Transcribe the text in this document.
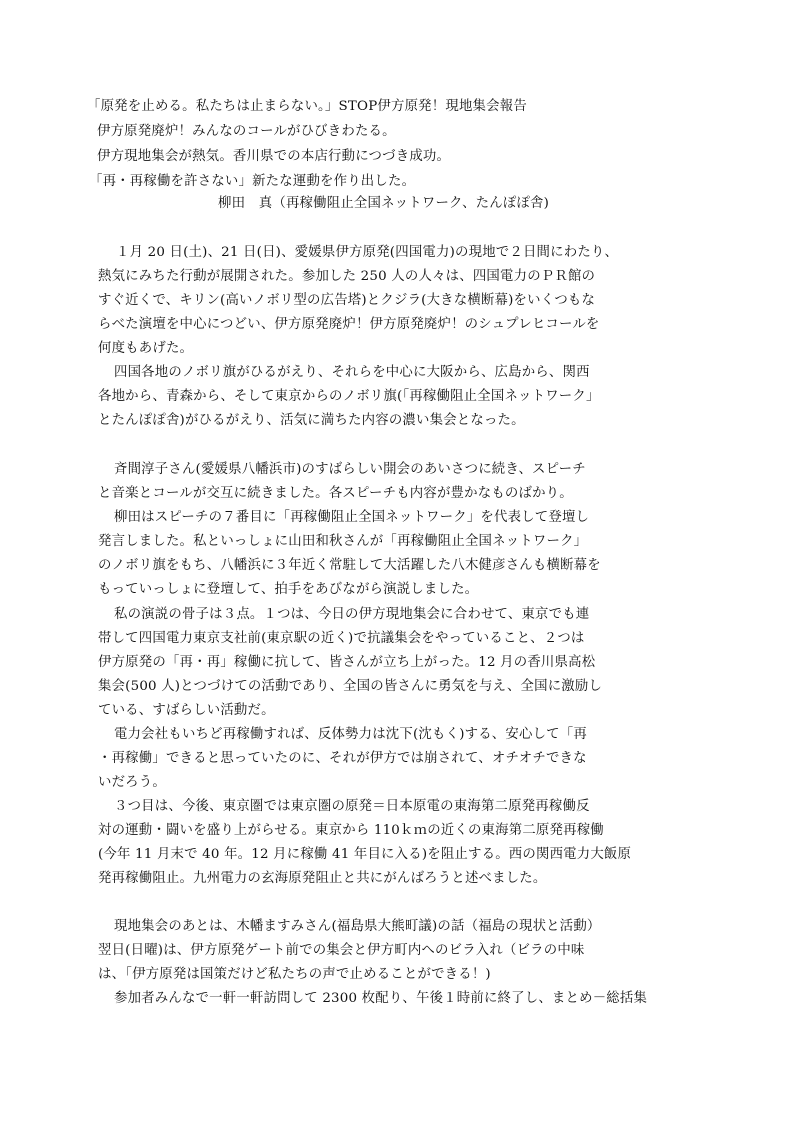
「原発を止める。私たちは止まらない。」STOP伊方原発！現地集会報告

伊方原発廃炉！みんなのコールがひびきわたる。

伊方現地集会が熱気。香川県での本店行動につづき成功。

「再・再稼働を許さない」新たな運動を作り出した。

柳田　真（再稼働阻止全国ネットワーク、たんぽぽ舎)

１月 20 日(土)、21 日(日)、愛媛県伊方原発(四国電力)の現地で２日間にわたり、

熱気にみちた行動が展開された。参加した 250 人の人々は、四国電力のＰＲ館の

すぐ近くで、キリン(高いノボリ型の広告塔)とクジラ(大きな横断幕)をいくつもな

らべた演壇を中心につどい、伊方原発廃炉！伊方原発廃炉！のシュプレヒコールを

何度もあげた。

四国各地のノボリ旗がひるがえり、それらを中心に大阪から、広島から、関西

各地から、青森から、そして東京からのノボリ旗(「再稼働阻止全国ネットワーク」

とたんぽぽ舎)がひるがえり、活気に満ちた内容の濃い集会となった。

斉間淳子さん(愛媛県八幡浜市)のすばらしい開会のあいさつに続き、スピーチ

と音楽とコールが交互に続きました。各スピーチも内容が豊かなものばかり。

柳田はスピーチの７番目に「再稼働阻止全国ネットワーク」を代表して登壇し

発言しました。私といっしょに山田和秋さんが「再稼働阻止全国ネットワーク」

のノボリ旗をもち、八幡浜に３年近く常駐して大活躍した八木健彦さんも横断幕を

もっていっしょに登壇して、拍手をあびながら演説しました。

私の演説の骨子は３点。１つは、今日の伊方現地集会に合わせて、東京でも連

帯して四国電力東京支社前(東京駅の近く)で抗議集会をやっていること、２つは

伊方原発の「再・再」稼働に抗して、皆さんが立ち上がった。12 月の香川県高松

集会(500 人)とつづけての活動であり、全国の皆さんに勇気を与え、全国に激励し

ている、すばらしい活動だ。

電力会社もいちど再稼働すれば、反体勢力は沈下(沈もく)する、安心して「再

・再稼働」できると思っていたのに、それが伊方では崩されて、オチオチできな

いだろう。

３つ目は、今後、東京圏では東京圏の原発＝日本原電の東海第二原発再稼働反

対の運動・闘いを盛り上がらせる。東京から 110ｋｍの近くの東海第二原発再稼働

(今年 11 月末で 40 年。12 月に稼働 41 年目に入る)を阻止する。西の関西電力大飯原

発再稼働阻止。九州電力の玄海原発阻止と共にがんばろうと述べました。

現地集会のあとは、木幡ますみさん(福島県大熊町議)の話（福島の現状と活動）

翌日(日曜)は、伊方原発ゲート前での集会と伊方町内へのビラ入れ（ビラの中味

は、｢伊方原発は国策だけど私たちの声で止めることができる！)

参加者みんなで一軒一軒訪問して 2300 枚配り、午後１時前に終了し、まとめ－総括集
